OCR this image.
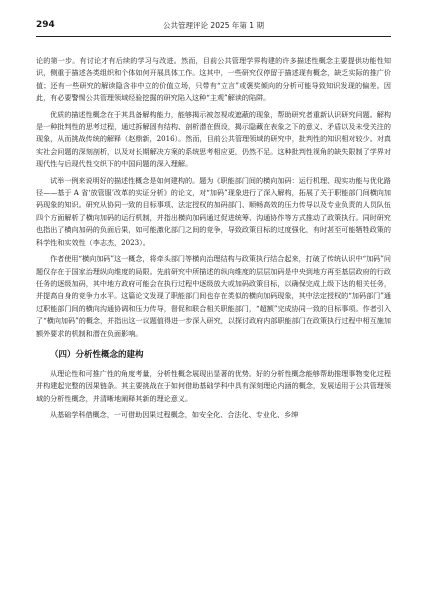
294	公共管理评论 2025 年第 1 期

论的第一步。有讨论才有后续的学习与改进。然而，目前公共管理学界构建的许多描述性概念主要提供功能性知识，侧重于描述各类组织和个体如何开展具体工作。这其中，一些研究仅停留于描述现有概念，缺乏实际的推广价值；还有一些研究的解读隐含非中立的价值立场，只带有“立言”或褒奖倾向的分析可能导致知识发现的偏差。因此，有必要警惕公共管理领域经验挖掘的研究陷入这种“主观”解读的陷阱。

优质的描述性概念在于其具备解构能力，能够揭示被忽视或遮蔽的现象，帮助研究者重新认识研究问题。解构是一种批判性的思考过程，通过拆解固有结构、剖析潜在假设，揭示隐藏在表象之下的意义、矛盾以及未受关注的现象，从而挑战传统的解释（赵鼎新，2016）。然而，目前公共管理领域的研究中，批判性的知识相对较少。对真实社会问题的深刻剖析，以及对长期解决方案的系统思考相应更，仍然不足。这种批判性视角的缺失限制了学界对现代性与后现代性交织下的中国问题的深入理解。

试举一例来说明好的描述性概念是如何建构的。题为《职能部门间的横向加码：运行机理、现实功能与优化路径——基于 A 省‘放管服’改革的实证分析》的论文，对“加码”现象进行了深入解构，拓展了关于职能部门间横向加码现象的知识。研究从协同一致的目标事项、法定授权的加码部门、顺畅高效的压力传导以及专业负责的人员队伍四个方面解析了横向加码的运行机制，并指出横向加码通过促进统筹、沟通协作等方式推动了政策执行。同时研究也指出了横向加码的负面后果，如可能激化部门之间的竞争，导致政策目标的过度强化，有时甚至可能牺牲政策的科学性和实效性（李志杰，2023）。

作者使用“横向加码”这一概念，将牵头部门等横向治理结构与政策执行结合起来，打破了传统认识中“加码”问题仅存在于国家治理纵向维度的局限。先前研究中所描述的纵向维度的层层加码是中央到地方再至基层政府的行政任务的逐级加码，其中地方政府可能会在执行过程中逐级放大或加码政策目标，以确保完成上级下达的相关任务，并提高自身的竞争力水平。这篇论文发现了职能部门间也存在类似的横向加码现象，其中法定授权的“加码部门”通过职能部门间的横向沟通协调和压力传导，督促和联合相关职能部门，“超额”完成协同一致的目标事项。作者引入了“横向加码”的概念，并指出这一议题值得进一步深入研究，以探讨政府内部职能部门在政策执行过程中相互施加额外要求的机制和潜在负面影响。

（四）分析性概念的建构

从理论性和可推广性的角度考量，分析性概念展现出显著的优势。好的分析性概念能够帮助推理事物变化过程并构建起完整的因果链条。其主要挑战在于如何借助基础学科中具有深刻理论内涵的概念，发展适用于公共管理领域的分析性概念，并清晰地阐释其新的理论意义。

从基础学科借概念，一可借助因果过程概念，如安全化、合法化、专业化、乡绅
